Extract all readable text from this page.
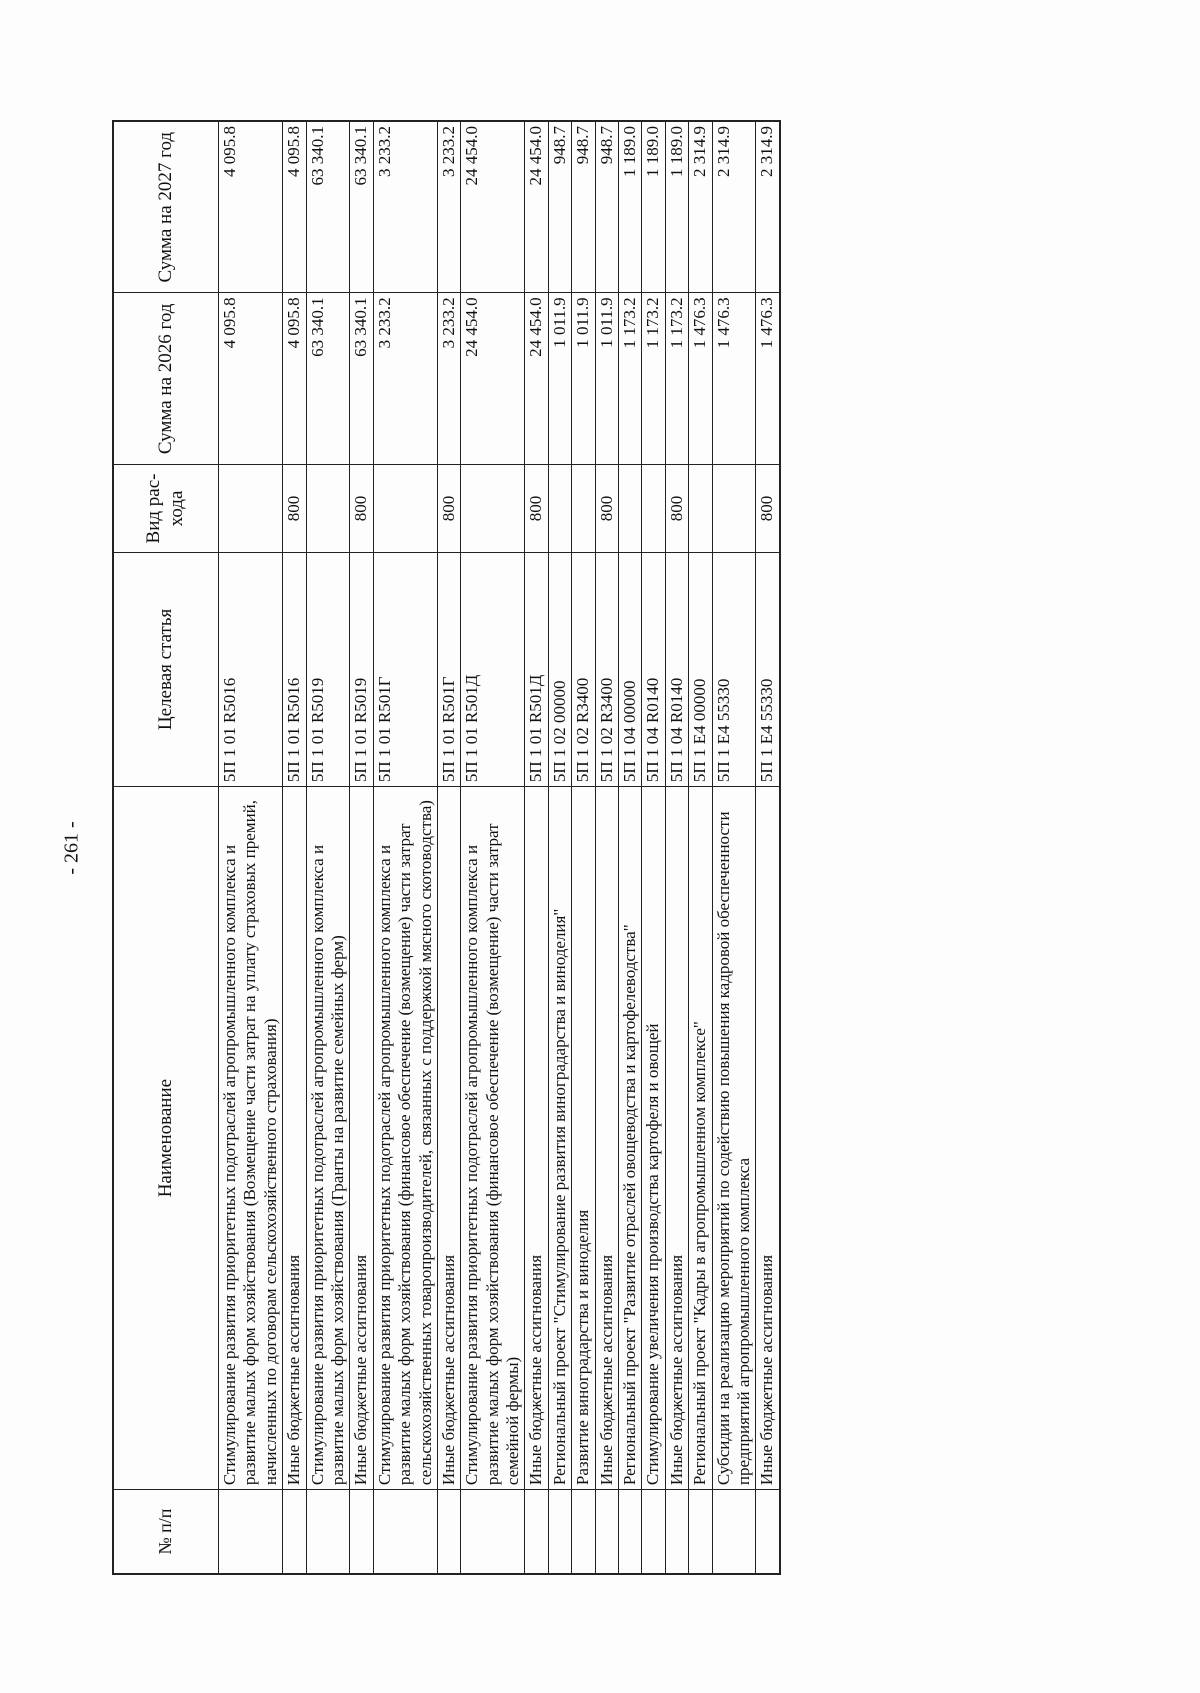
- 261 -
№ п/п	Наименование	Целевая статья	Вид рас-хода	Сумма на 2026 год	Сумма на 2027 год
	Стимулирование развития приоритетных подотраслей агропромышленного комплекса и развитие малых форм хозяйствования (Возмещение части затрат на уплату страховых премий, начисленных по договорам сельскохозяйственного страхования)	5П 1 01 R5016		4 095.8	4 095.8
	Иные бюджетные ассигнования	5П 1 01 R5016	800	4 095.8	4 095.8
	Стимулирование развития приоритетных подотраслей агропромышленного комплекса и развитие малых форм хозяйствования (Гранты на развитие семейных ферм)	5П 1 01 R5019		63 340.1	63 340.1
	Иные бюджетные ассигнования	5П 1 01 R5019	800	63 340.1	63 340.1
	Стимулирование развития приоритетных подотраслей агропромышленного комплекса и развитие малых форм хозяйствования (финансовое обеспечение (возмещение) части затрат сельскохозяйственных товаропроизводителей, связанных с поддержкой мясного скотоводства)	5П 1 01 R501Г		3 233.2	3 233.2
	Иные бюджетные ассигнования	5П 1 01 R501Г	800	3 233.2	3 233.2
	Стимулирование развития приоритетных подотраслей агропромышленного комплекса и развитие малых форм хозяйствования (финансовое обеспечение (возмещение) части затрат семейной фермы)	5П 1 01 R501Д		24 454.0	24 454.0
	Иные бюджетные ассигнования	5П 1 01 R501Д	800	24 454.0	24 454.0
	Региональный проект "Стимулирование развития виноградарства и виноделия"	5П 1 02 00000		1 011.9	948.7
	Развитие виноградарства и виноделия	5П 1 02 R3400		1 011.9	948.7
	Иные бюджетные ассигнования	5П 1 02 R3400	800	1 011.9	948.7
	Региональный проект "Развитие отраслей овощеводства и картофелеводства"	5П 1 04 00000		1 173.2	1 189.0
	Стимулирование увеличения производства картофеля и овощей	5П 1 04 R0140		1 173.2	1 189.0
	Иные бюджетные ассигнования	5П 1 04 R0140	800	1 173.2	1 189.0
	Региональный проект "Кадры в агропромышленном комплексе"	5П 1 Е4 00000		1 476.3	2 314.9
	Субсидии на реализацию мероприятий по содействию повышения кадровой обеспеченности предприятий агропромышленного комплекса	5П 1 Е4 55330		1 476.3	2 314.9
	Иные бюджетные ассигнования	5П 1 Е4 55330	800	1 476.3	2 314.9
